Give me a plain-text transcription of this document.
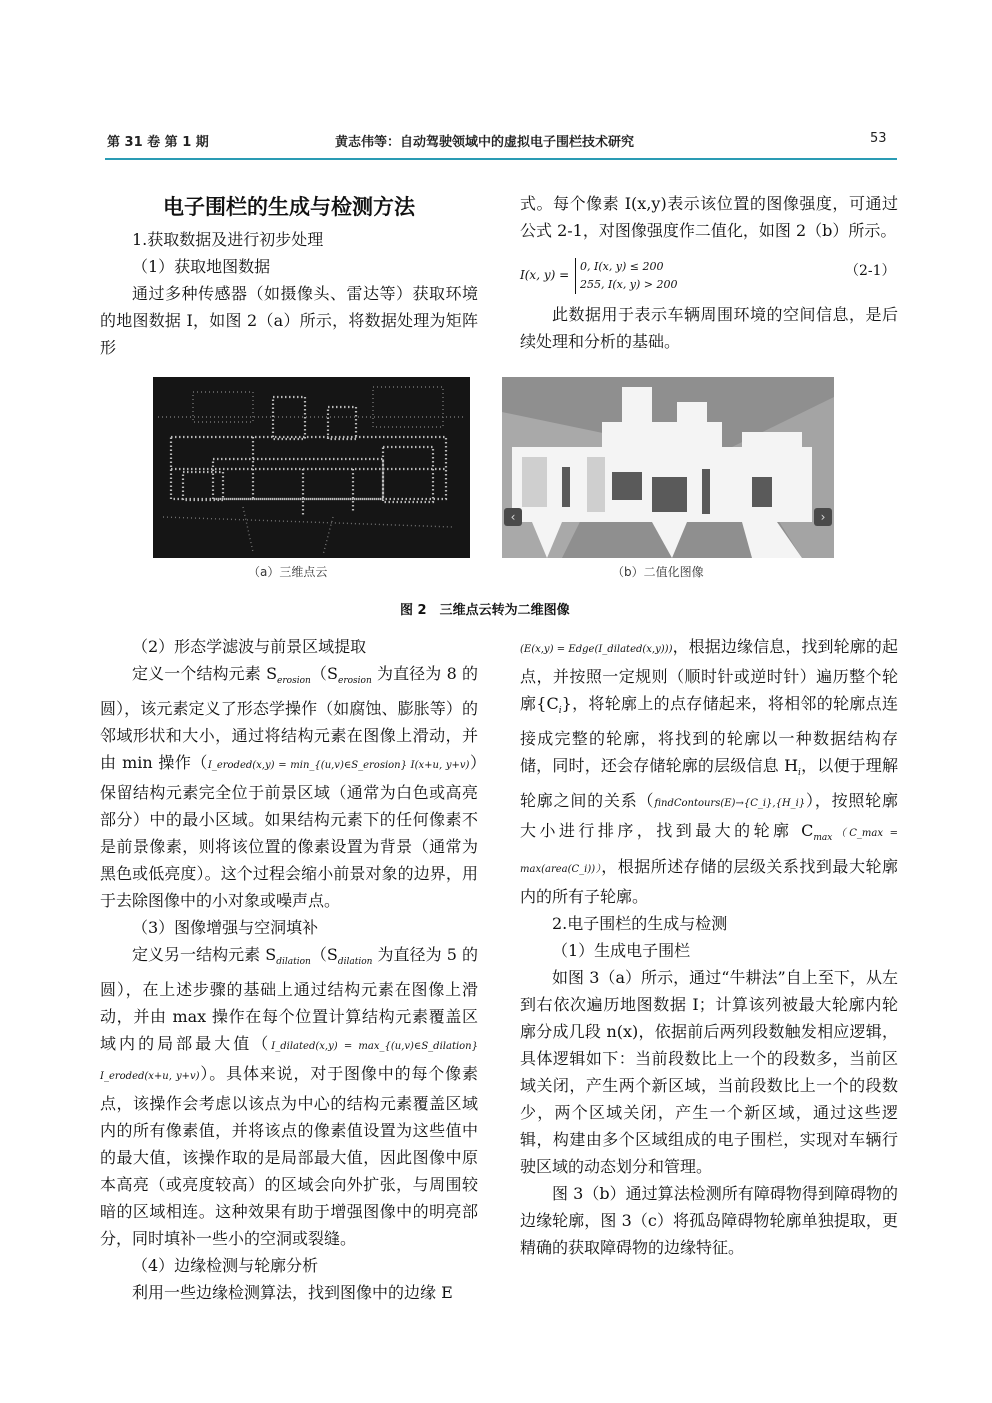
第 31 卷 第 1 期	黄志伟等：自动驾驶领域中的虚拟电子围栏技术研究	53

电子围栏的生成与检测方法

1.获取数据及进行初步处理

（1）获取地图数据

通过多种传感器（如摄像头、雷达等）获取环境的地图数据 I，如图 2（a）所示，将数据处理为矩阵形

式。每个像素 I(x,y)表示该位置的图像强度，可通过公式 2-1，对图像强度作二值化，如图 2（b）所示。

I(x, y) =
0, I(x, y) ≤ 200
255, I(x, y) > 200
（2-1）

此数据用于表示车辆周围环境的空间信息，是后续处理和分析的基础。

（a）三维点云
‹	›
（b）二值化图像
图 2　三维点云转为二维图像

（2）形态学滤波与前景区域提取

定义一个结构元素 $S_{erosion}(S_{erosion}$ 为直径为 8 的圆），该元素定义了形态学操作（如腐蚀、膨胀等）的邻域形状和大小，通过将结构元素在图像上滑动，并由 min 操作（I_eroded(x,y) = min_{(u,v)∈S_erosion} I(x+u, y+v)）保留结构元素完全位于前景区域（通常为白色或高亮部分）中的最小区域。如果结构元素下的任何像素不是前景像素，则将该位置的像素设置为背景（通常为黑色或低亮度）。这个过程会缩小前景对象的边界，用于去除图像中的小对象或噪声点。

（3）图像增强与空洞填补

定义另一结构元素 $S_{dilation}(S_{dilation}$ 为直径为 5 的圆），在上述步骤的基础上通过结构元素在图像上滑动，并由 max 操作在每个位置计算结构元素覆盖区域内的局部最大值（I_dilated(x,y) = max_{(u,v)∈S_dilation} I_eroded(x+u, y+v)）。具体来说，对于图像中的每个像素点，该操作会考虑以该点为中心的结构元素覆盖区域内的所有像素值，并将该点的像素值设置为这些值中的最大值，该操作取的是局部最大值，因此图像中原本高亮（或亮度较高）的区域会向外扩张，与周围较暗的区域相连。这种效果有助于增强图像中的明亮部分，同时填补一些小的空洞或裂缝。

（4）边缘检测与轮廓分析

利用一些边缘检测算法，找到图像中的边缘 E

(E(x,y) = Edge(I_dilated(x,y)))，根据边缘信息，找到轮廓的起点，并按照一定规则（顺时针或逆时针）遍历整个轮廓$\{C_i\}$，将轮廓上的点存储起来，将相邻的轮廓点连接成完整的轮廓，将找到的轮廓以一种数据结构存储，同时，还会存储轮廓的层级信息 $H_i$，以便于理解轮廓之间的关系（findContours(E)→{C_i},{H_i}），按照轮廓大小进行排序，找到最大的轮廓 $C_{max}(C\_\max$ = max(area(C_i))），根据所述存储的层级关系找到最大轮廓内的所有子轮廓。

2.电子围栏的生成与检测

（1）生成电子围栏

如图 3（a）所示，通过“牛耕法”自上至下，从左到右依次遍历地图数据 I；计算该列被最大轮廓内轮廓分成几段 n(x)，依据前后两列段数触发相应逻辑，具体逻辑如下：当前段数比上一个的段数多，当前区域关闭，产生两个新区域，当前段数比上一个的段数少，两个区域关闭，产生一个新区域，通过这些逻辑，构建由多个区域组成的电子围栏，实现对车辆行驶区域的动态划分和管理。

图 3（b）通过算法检测所有障碍物得到障碍物的边缘轮廓，图 3（c）将孤岛障碍物轮廓单独提取，更精确的获取障碍物的边缘特征。
